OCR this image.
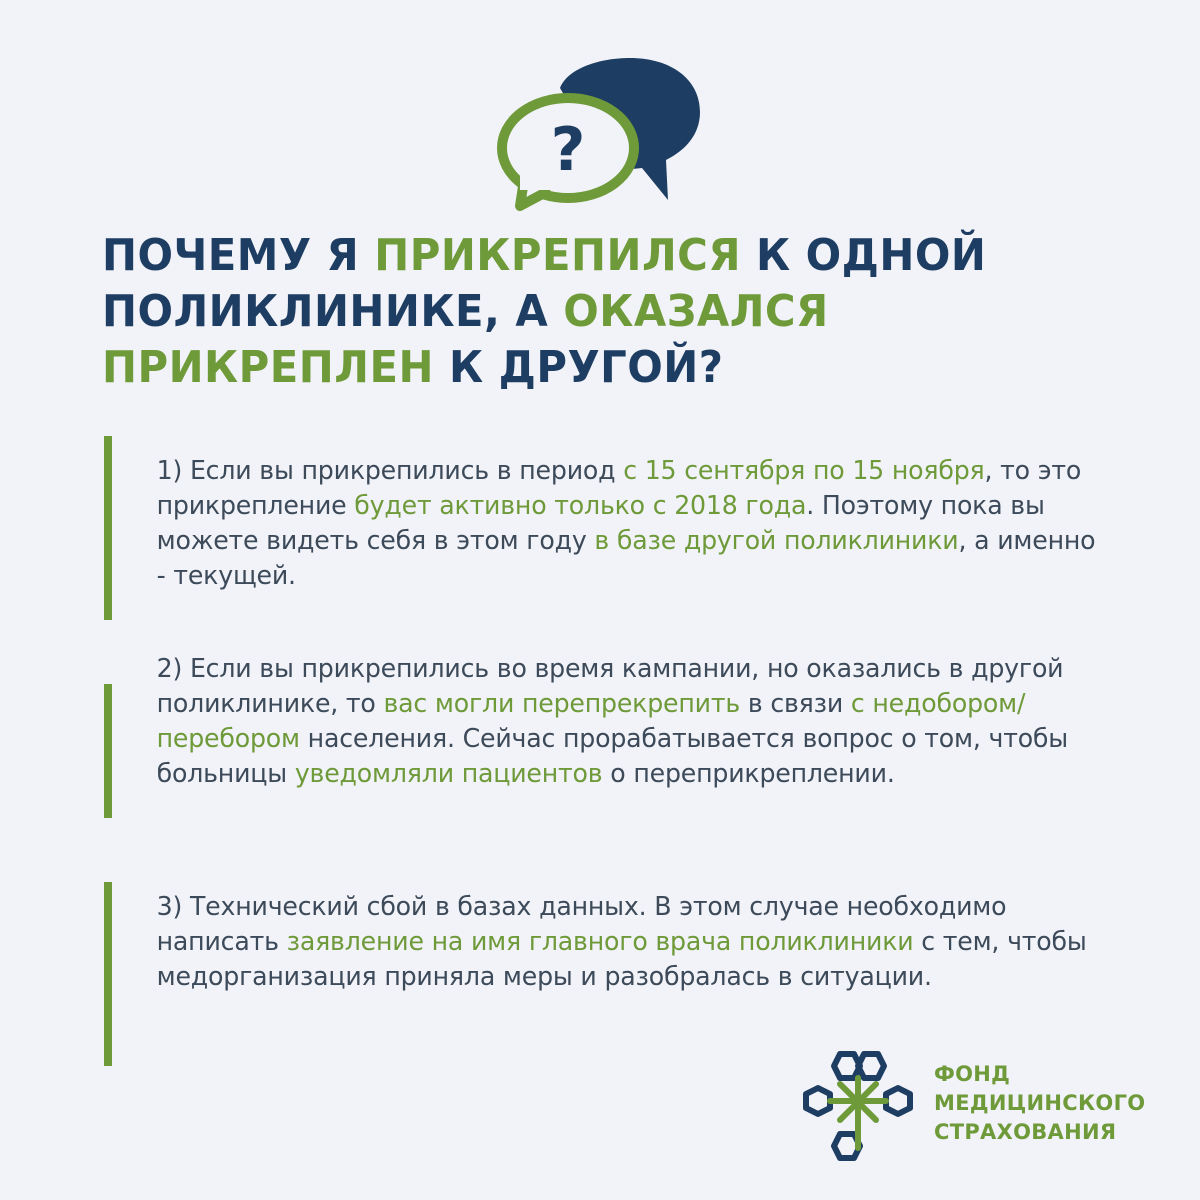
?
ПОЧЕМУ Я ПРИКРЕПИЛСЯ К ОДНОЙ ПОЛИКЛИНИКЕ, А ОКАЗАЛСЯ ПРИКРЕПЛЕН К ДРУГОЙ?

1) Если вы прикрепились в период с 15 сентября по 15 ноября, то это прикрепление будет активно только с 2018 года. Поэтому пока вы можете видеть себя в этом году в базе другой поликлиники, а именно - текущей.

2) Если вы прикрепились во время кампании, но оказались в другой поликлинике, то вас могли перепрекрепить в связи с недобором/перебором населения. Сейчас прорабатывается вопрос о том, чтобы больницы уведомляли пациентов о переприкреплении.

3) Технический сбой в базах данных. В этом случае необходимо написать заявление на имя главного врача поликлиники с тем, чтобы медорганизация приняла меры и разобралась в ситуации.

ФОНД
МЕДИЦИНСКОГО
СТРАХОВАНИЯ
